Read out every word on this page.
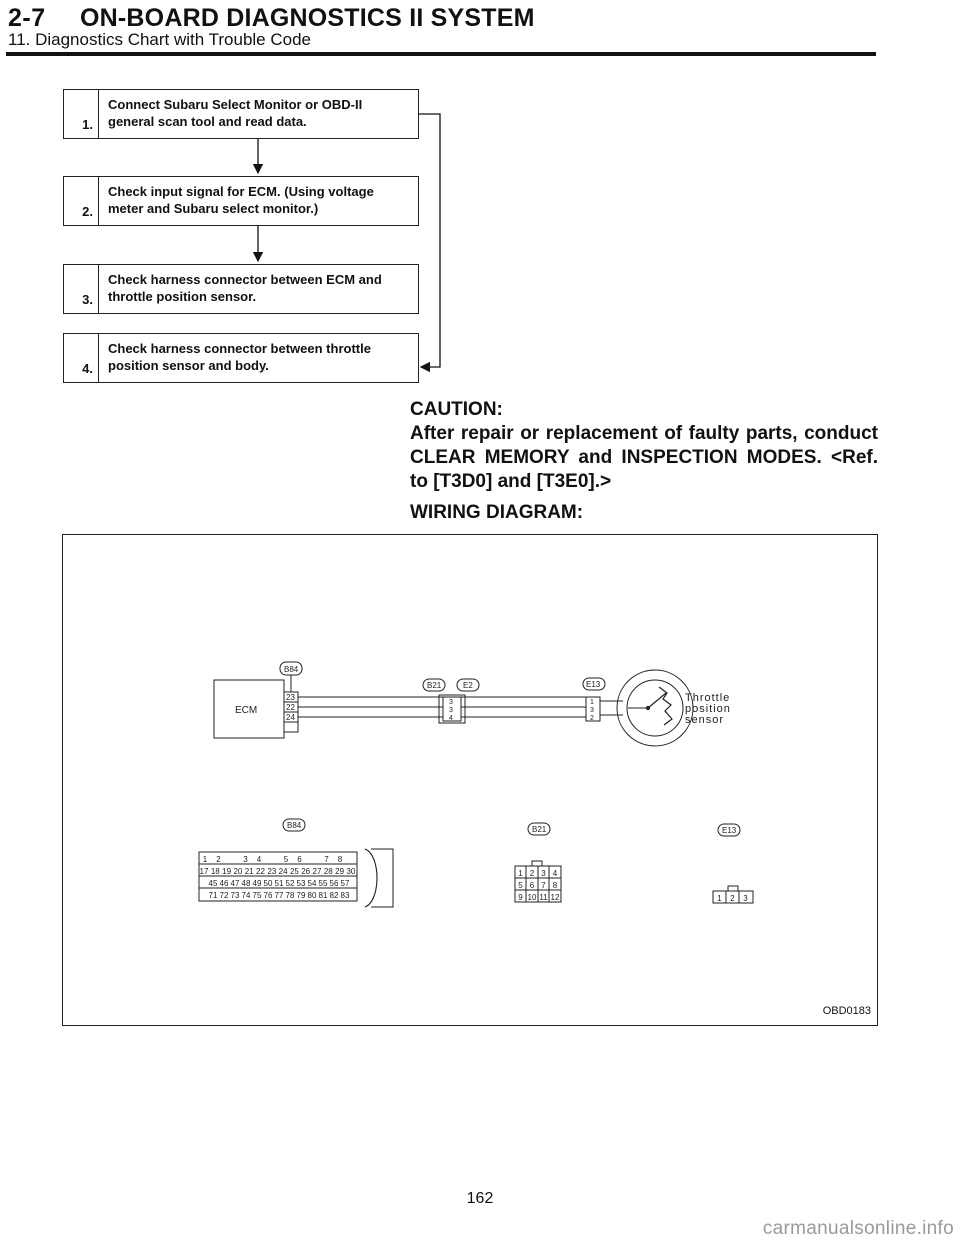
2-7 ON-BOARD DIAGNOSTICS II SYSTEM
11. Diagnostics Chart with Trouble Code
1.
Connect Subaru Select Monitor or OBD-II general scan tool and read data.
2.
Check input signal for ECM. (Using voltage meter and Subaru select monitor.)
3.
Check harness connector between ECM and throttle position sensor.
4.
Check harness connector between throttle position sensor and body.
CAUTION:
After repair or replacement of faulty parts, conduct CLEAR MEMORY and INSPECTION MODES. <Ref. to [T3D0] and [T3E0].>
WIRING DIAGRAM:
ECM
B84
23
22
24
B21	E2
3
3
4
E13
1
3
2
Throttle
position
sensor
B84	B21	E13
1 2	3 4	5 6	7 8
17 18 19 20 21 22 23 24 25 26 27 28 29 30
45 46 47 48 49 50 51 52 53 54 55 56 57
71 72 73 74 75 76 77 78 79 80 81 82 83
1 2 3 4
5 6 7 8
9 10 11 12	1 2 3
OBD0183
162
carmanualsonline.info
